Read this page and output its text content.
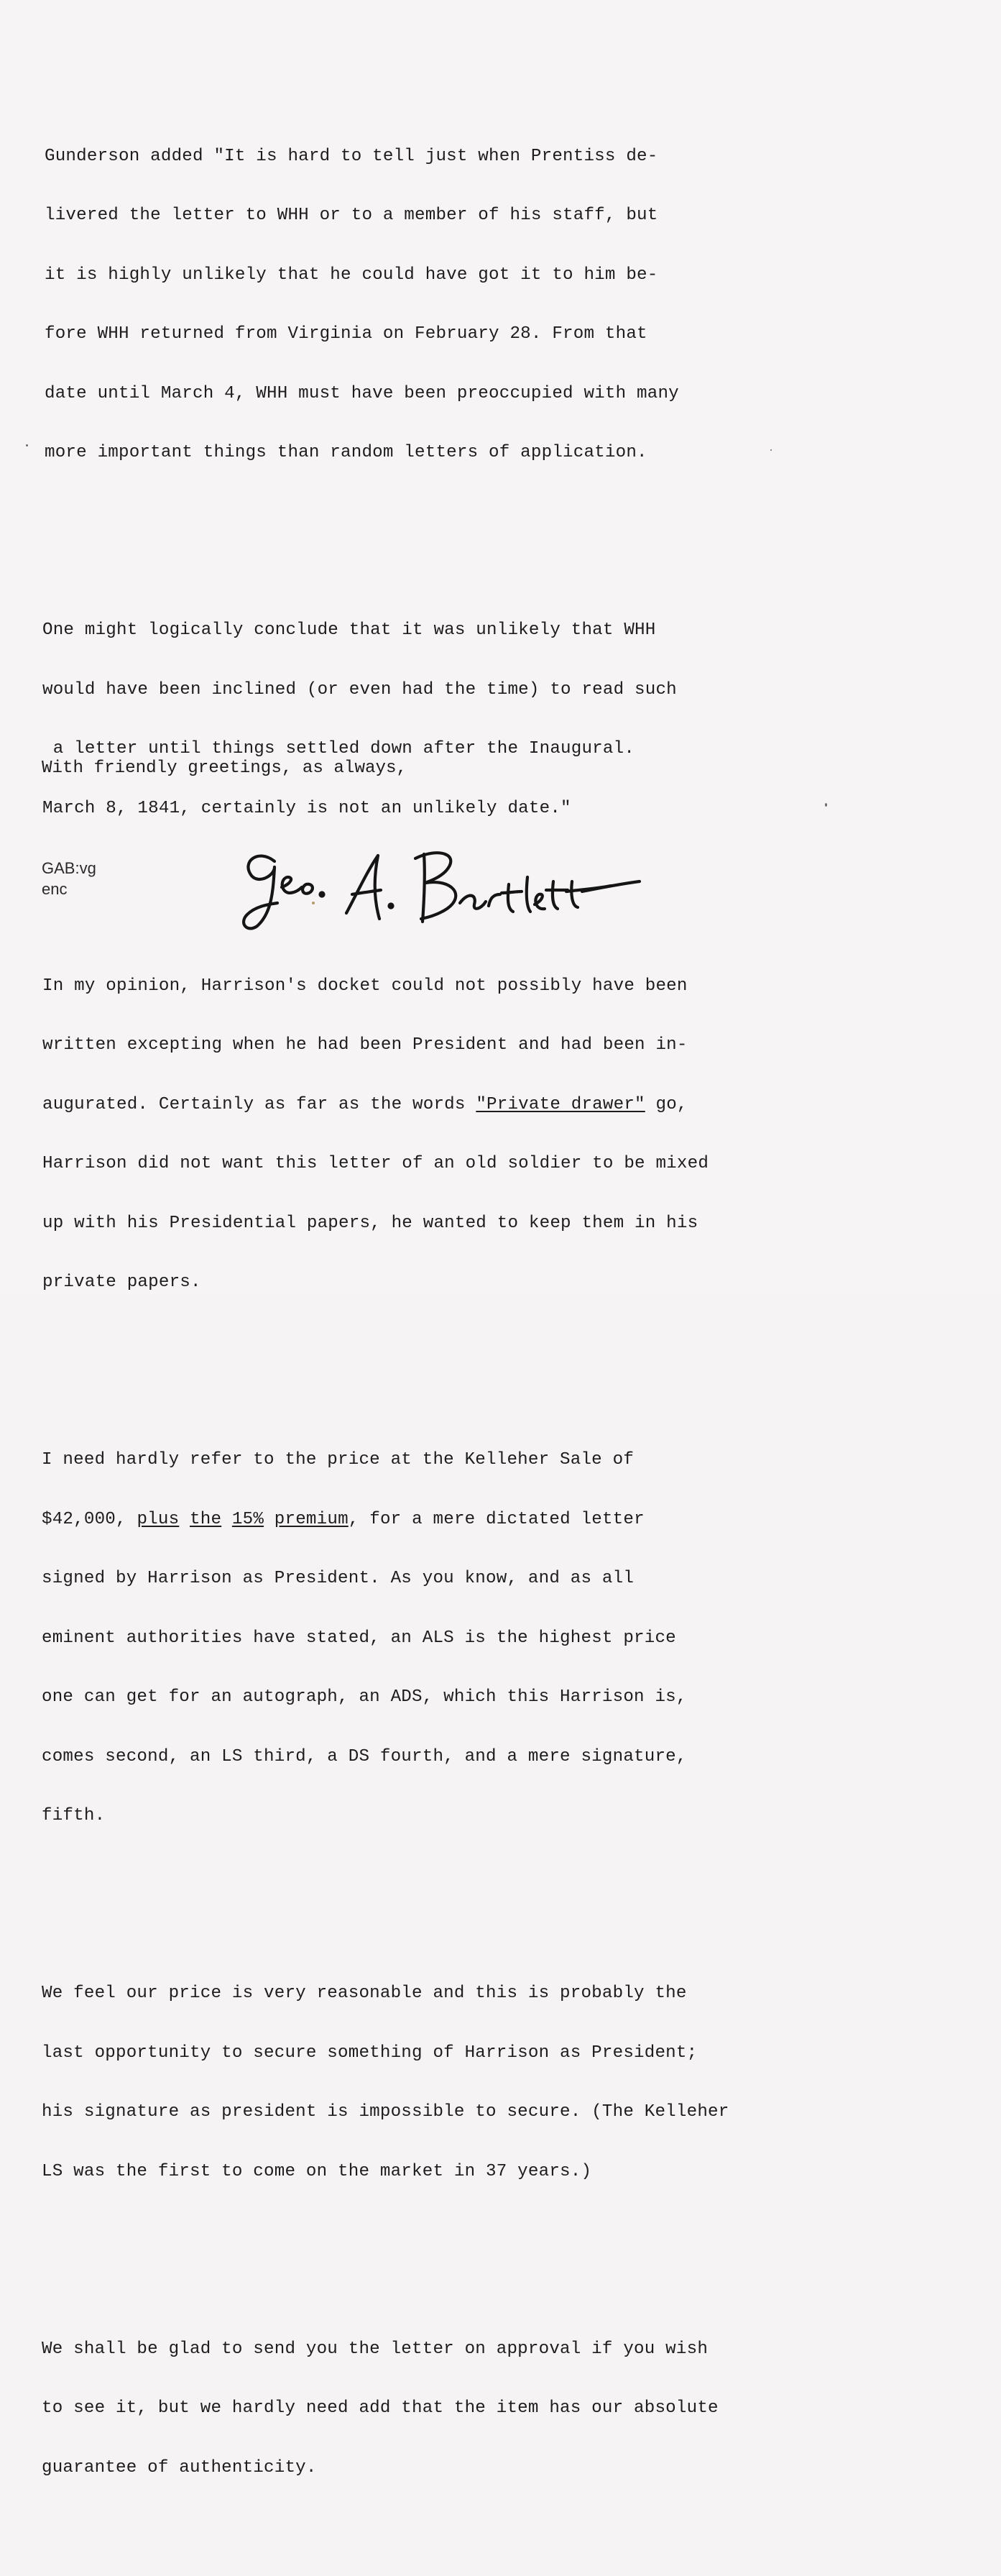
Gunderson added "It is hard to tell just when Prentiss de-

livered the letter to WHH or to a member of his staff, but

it is highly unlikely that he could have got it to him be-

fore WHH returned from Virginia on February 28. From that

date until March 4, WHH must have been preoccupied with many

more important things than random letters of application.

One might logically conclude that it was unlikely that WHH

would have been inclined (or even had the time) to read such

a letter until things settled down after the Inaugural.

March 8, 1841, certainly is not an unlikely date."

In my opinion, Harrison's docket could not possibly have been

written excepting when he had been President and had been in-

augurated. Certainly as far as the words "Private drawer" go,

Harrison did not want this letter of an old soldier to be mixed

up with his Presidential papers, he wanted to keep them in his

private papers.

I need hardly refer to the price at the Kelleher Sale of

$42,000, plus the 15% premium, for a mere dictated letter

signed by Harrison as President. As you know, and as all

eminent authorities have stated, an ALS is the highest price

one can get for an autograph, an ADS, which this Harrison is,

comes second, an LS third, a DS fourth, and a mere signature,

fifth.

We feel our price is very reasonable and this is probably the

last opportunity to secure something of Harrison as President;

his signature as president is impossible to secure. (The Kelleher

LS was the first to come on the market in 37 years.)

We shall be glad to send you the letter on approval if you wish

to see it, but we hardly need add that the item has our absolute

guarantee of authenticity.

With friendly greetings, as always,
GAB:vg
enc
